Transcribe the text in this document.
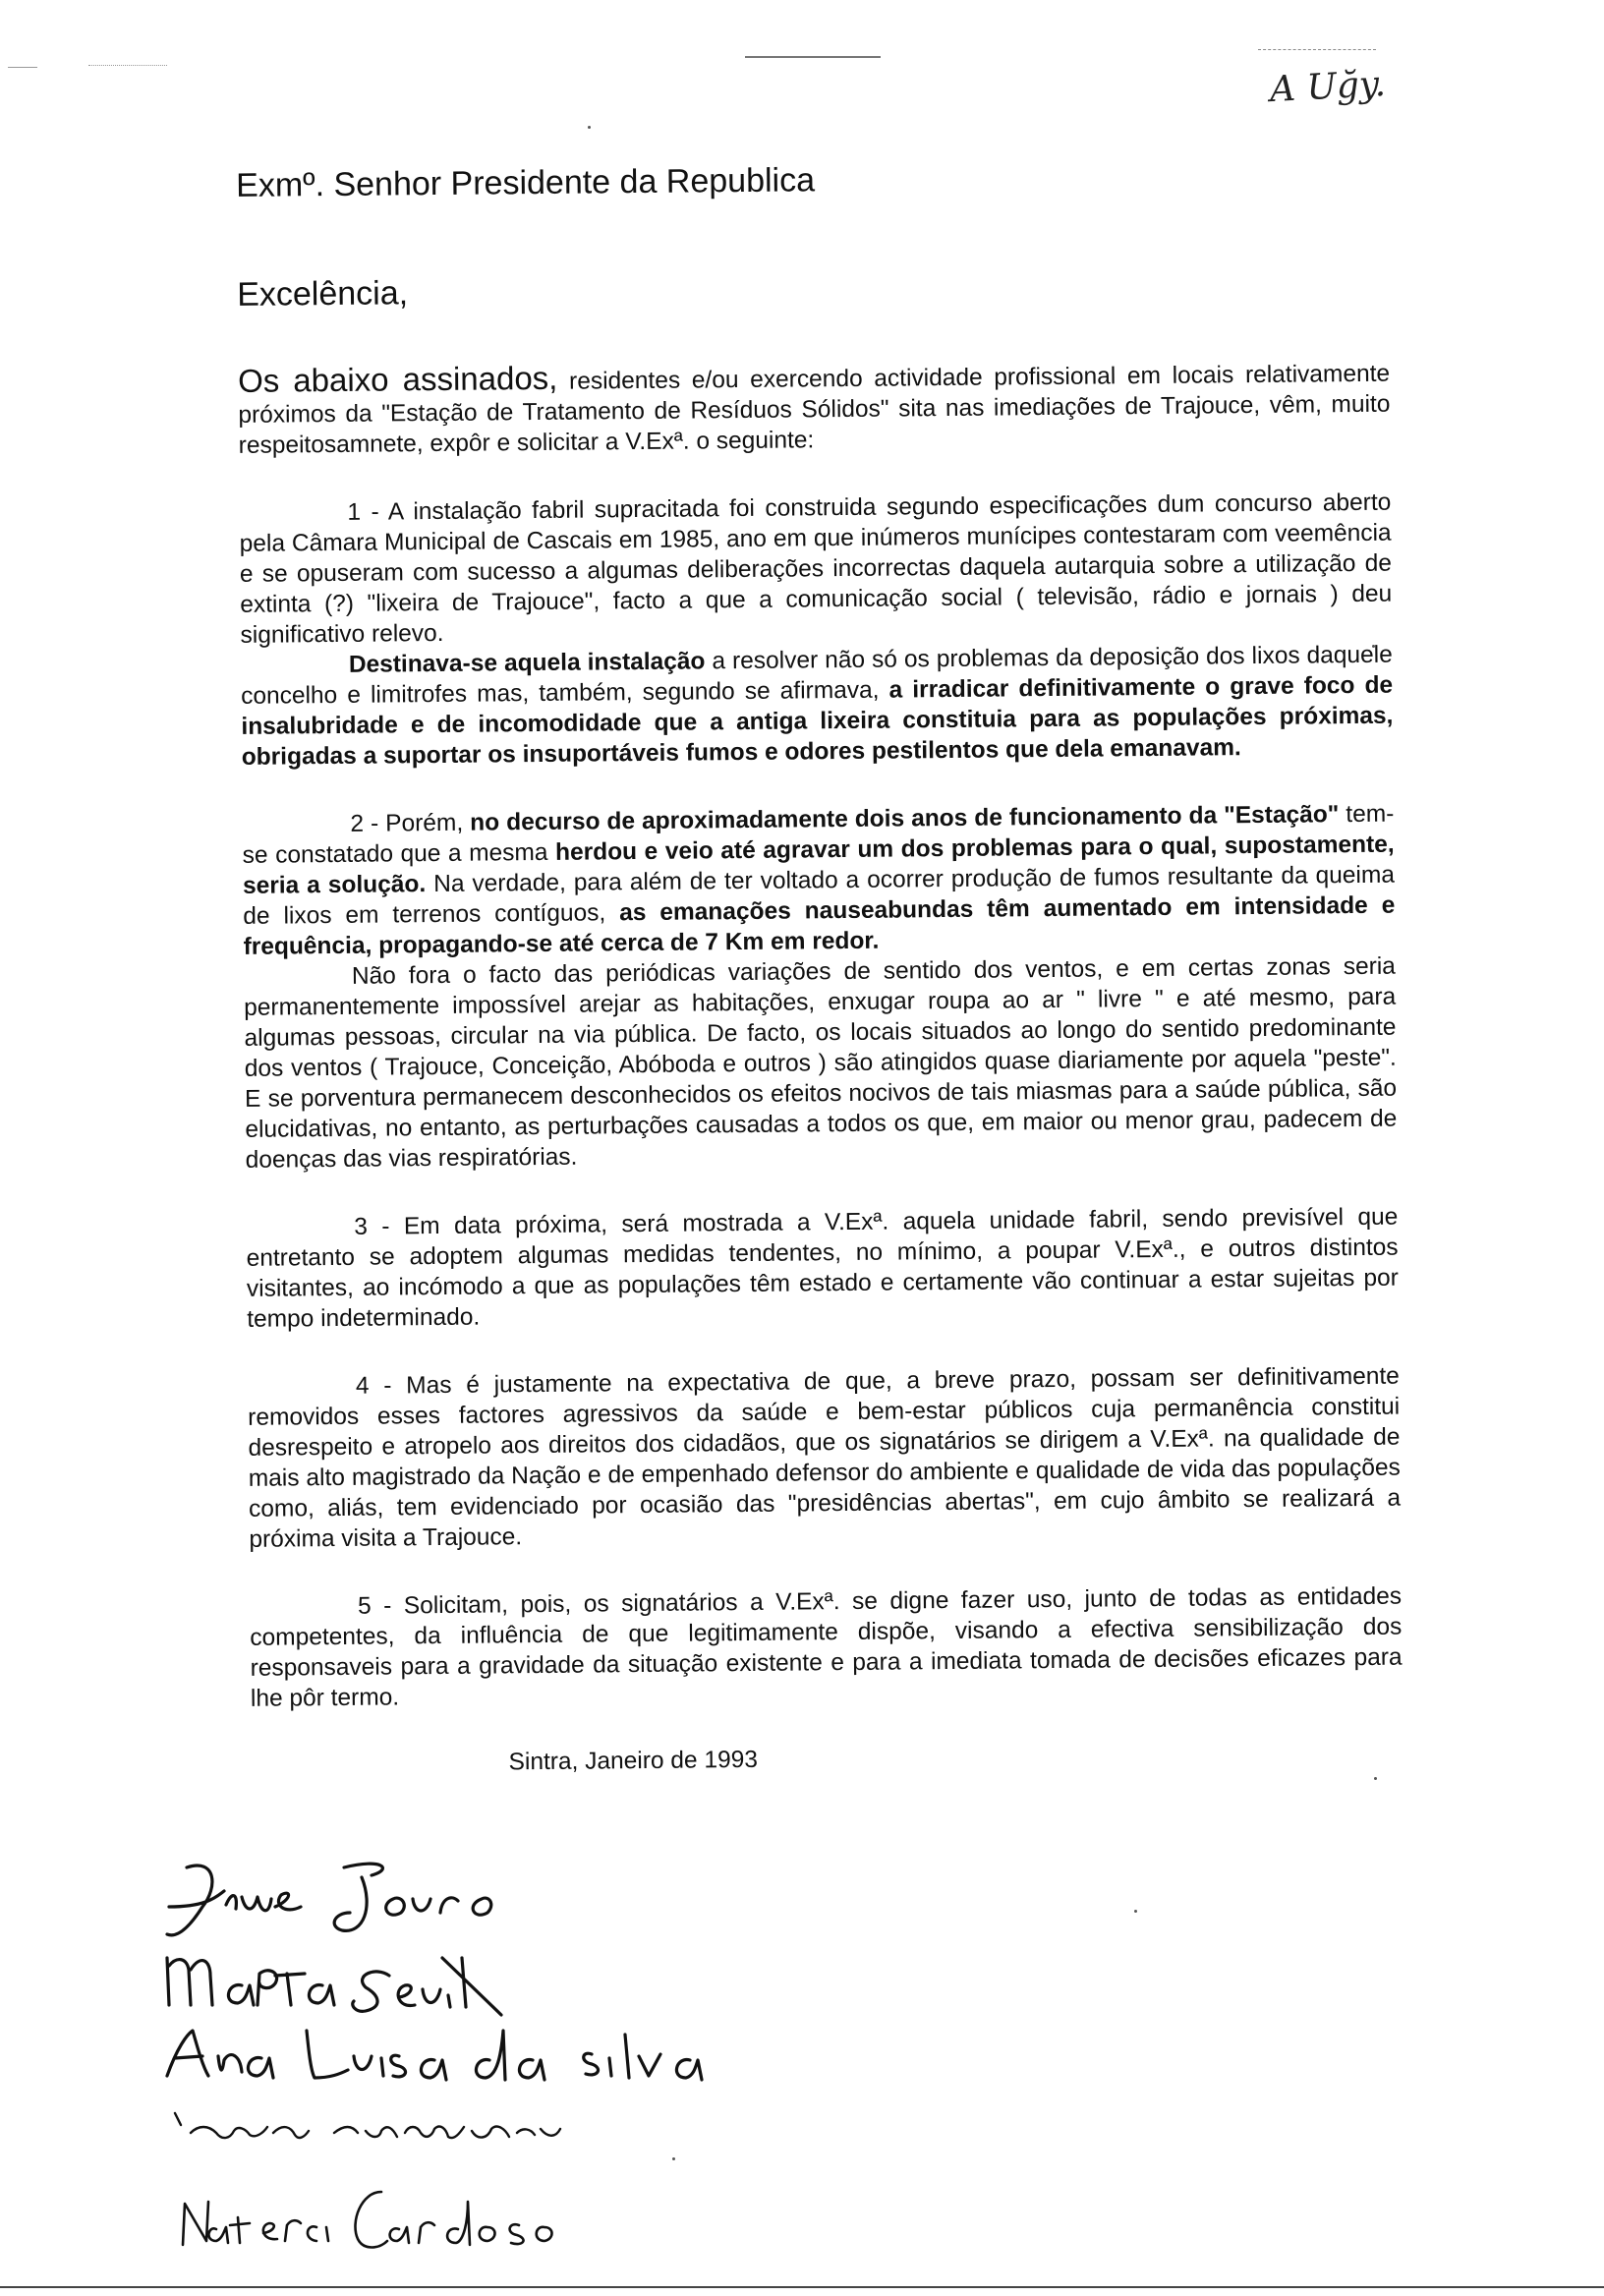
A Uğy.
Exmº. Senhor Presidente da Republica
Excelência,

Os abaixo assinados, residentes e/ou exercendo actividade profissional em locais relativamente próximos da "Estação de Tratamento de Resíduos Sólidos" sita nas imediações de Trajouce, vêm, muito respeitosamnete, expôr e solicitar a V.Exª. o seguinte:

1 - A instalação fabril supracitada foi construida segundo especificações dum concurso aberto pela Câmara Municipal de Cascais em 1985, ano em que inúmeros munícipes contestaram com veemência e se opuseram com sucesso a algumas deliberações incorrectas daquela autarquia sobre a utilização de extinta (?) "lixeira de Trajouce", facto a que a comunicação social ( televisão, rádio e jornais ) deu significativo relevo.

Destinava-se aquela instalação a resolver não só os problemas da deposição dos lixos daquele concelho e limitrofes mas, também, segundo se afirmava, a irradicar definitivamente o grave foco de insalubridade e de incomodidade que a antiga lixeira constituia para as populações próximas, obrigadas a suportar os insuportáveis fumos e odores pestilentos que dela emanavam.

2 - Porém, no decurso de aproximadamente dois anos de funcionamento da "Estação" tem-se constatado que a mesma herdou e veio até agravar um dos problemas para o qual, supostamente, seria a solução. Na verdade, para além de ter voltado a ocorrer produção de fumos resultante da queima de lixos em terrenos contíguos, as emanações nauseabundas têm aumentado em intensidade e frequência, propagando-se até cerca de 7 Km em redor.

Não fora o facto das periódicas variações de sentido dos ventos, e em certas zonas seria permanentemente impossível arejar as habitações, enxugar roupa ao ar " livre " e até mesmo, para algumas pessoas, circular na via pública. De facto, os locais situados ao longo do sentido predominante dos ventos ( Trajouce, Conceição, Abóboda e outros ) são atingidos quase diariamente por aquela "peste". E se porventura permanecem desconhecidos os efeitos nocivos de tais miasmas para a saúde pública, são elucidativas, no entanto, as perturbações causadas a todos os que, em maior ou menor grau, padecem de doenças das vias respiratórias.

3 - Em data próxima, será mostrada a V.Exª. aquela unidade fabril, sendo previsível que entretanto se adoptem algumas medidas tendentes, no mínimo, a poupar V.Exª., e outros distintos visitantes, ao incómodo a que as populações têm estado e certamente vão continuar a estar sujeitas por tempo indeterminado.

4 - Mas é justamente na expectativa de que, a breve prazo, possam ser definitivamente removidos esses factores agressivos da saúde e bem-estar públicos cuja permanência constitui desrespeito e atropelo aos direitos dos cidadãos, que os signatários se dirigem a V.Exª. na qualidade de mais alto magistrado da Nação e de empenhado defensor do ambiente e qualidade de vida das populações como, aliás, tem evidenciado por ocasião das "presidências abertas", em cujo âmbito se realizará a próxima visita a Trajouce.

5 - Solicitam, pois, os signatários a V.Exª. se digne fazer uso, junto de todas as entidades competentes, da influência de que legitimamente dispõe, visando a efectiva sensibilização dos responsaveis para a gravidade da situação existente e para a imediata tomada de decisões eficazes para lhe pôr termo.

Sintra, Janeiro de 1993
